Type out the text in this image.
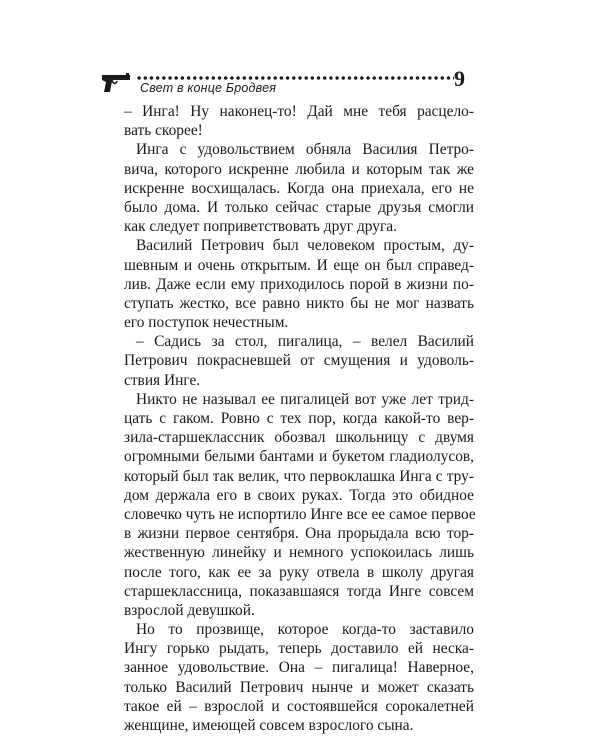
Свет в конце Бродвея	9
– Инга! Ну наконец-то! Дай мне тебя расцело-
вать скорее!
Инга с удовольствием обняла Василия Петро-
вича, которого искренне любила и которым так же
искренне восхищалась. Когда она приехала, его не
было дома. И только сейчас старые друзья смогли
как следует поприветствовать друг друга.
Василий Петрович был человеком простым, ду-
шевным и очень открытым. И еще он был справед-
лив. Даже если ему приходилось порой в жизни по-
ступать жестко, все равно никто бы не мог назвать
его поступок нечестным.
– Садись за стол, пигалица, – велел Василий
Петрович покрасневшей от смущения и удоволь-
ствия Инге.
Никто не называл ее пигалицей вот уже лет трид-
цать с гаком. Ровно с тех пор, когда какой-то вер-
зила-старшеклассник обозвал школьницу с двумя
огромными белыми бантами и букетом гладиолусов,
который был так велик, что первоклашка Инга с тру-
дом держала его в своих руках. Тогда это обидное
словечко чуть не испортило Инге все ее самое первое
в жизни первое сентября. Она прорыдала всю тор-
жественную линейку и немного успокоилась лишь
после того, как ее за руку отвела в школу другая
старшеклассница, показавшаяся тогда Инге совсем
взрослой девушкой.
Но то прозвище, которое когда-то заставило
Ингу горько рыдать, теперь доставило ей неска-
занное удовольствие. Она – пигалица! Наверное,
только Василий Петрович нынче и может сказать
такое ей – взрослой и состоявшейся сорокалетней
женщине, имеющей совсем взрослого сына.
